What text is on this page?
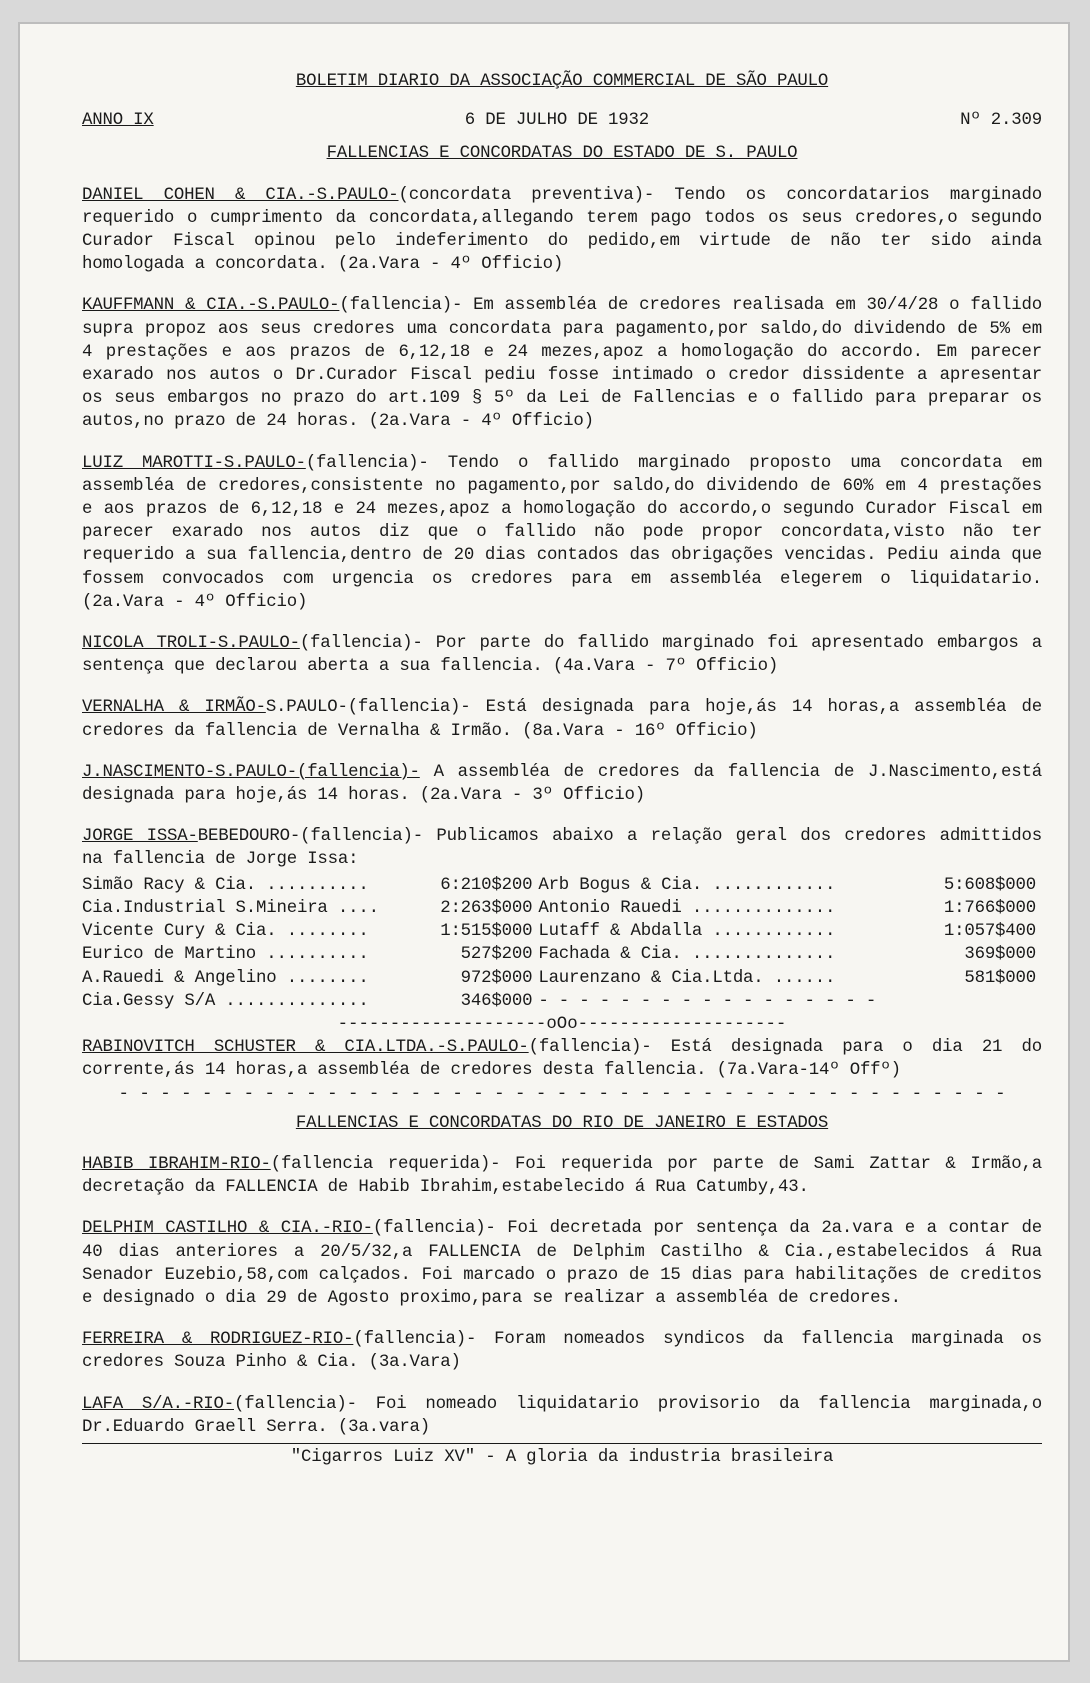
BOLETIM DIARIO DA ASSOCIAÇÃO COMMERCIAL DE SÃO PAULO
ANNO IX	6 DE JULHO DE 1932	Nº 2.309
FALLENCIAS E CONCORDATAS DO ESTADO DE S. PAULO
DANIEL COHEN & CIA.-S.PAULO-(concordata preventiva)- Tendo os concordatarios marginado requerido o cumprimento da concordata,allegando terem pago todos os seus credores,o segundo Curador Fiscal opinou pelo indeferimento do pedido,em virtude de não ter sido ainda homologada a concordata. (2a.Vara - 4º Officio)
KAUFFMANN & CIA.-S.PAULO-(fallencia)- Em assembléa de credores realisada em 30/4/28 o fallido supra propoz aos seus credores uma concordata para pagamento,por saldo,do dividendo de 5% em 4 prestações e aos prazos de 6,12,18 e 24 mezes,apoz a homologação do accordo. Em parecer exarado nos autos o Dr.Curador Fiscal pediu fosse intimado o credor dissidente a apresentar os seus embargos no prazo do art.109 § 5º da Lei de Fallencias e o fallido para preparar os autos,no prazo de 24 horas. (2a.Vara - 4º Officio)
LUIZ MAROTTI-S.PAULO-(fallencia)- Tendo o fallido marginado proposto uma concordata em assembléa de credores,consistente no pagamento,por saldo,do dividendo de 60% em 4 prestações e aos prazos de 6,12,18 e 24 mezes,apoz a homologação do accordo,o segundo Curador Fiscal em parecer exarado nos autos diz que o fallido não pode propor concordata,visto não ter requerido a sua fallencia,dentro de 20 dias contados das obrigações vencidas. Pediu ainda que fossem convocados com urgencia os credores para em assembléa elegerem o liquidatario. (2a.Vara - 4º Officio)
NICOLA TROLI-S.PAULO-(fallencia)- Por parte do fallido marginado foi apresentado embargos a sentença que declarou aberta a sua fallencia. (4a.Vara - 7º Officio)
VERNALHA & IRMÃO-S.PAULO-(fallencia)- Está designada para hoje,ás 14 horas,a assembléa de credores da fallencia de Vernalha & Irmão. (8a.Vara - 16º Officio)
J.NASCIMENTO-S.PAULO-(fallencia)- A assembléa de credores da fallencia de J.Nascimento,está designada para hoje,ás 14 horas. (2a.Vara - 3º Officio)
JORGE ISSA-BEBEDOURO-(fallencia)- Publicamos abaixo a relação geral dos credores admittidos na fallencia de Jorge Issa:
Simão Racy & Cia. ..........	6:210$200	Arb Bogus & Cia. ............	5:608$000
Cia.Industrial S.Mineira ....	2:263$000	Antonio Rauedi ..............	1:766$000
Vicente Cury & Cia. ........	1:515$000	Lutaff & Abdalla ............	1:057$400
Eurico de Martino ..........	527$200	Fachada & Cia. ..............	369$000
A.Rauedi & Angelino ........	972$000	Laurenzano & Cia.Ltda. ......	581$000
Cia.Gessy S/A ..............	346$000	- - - - - - - - - - - - - - - - -	
--------------------oOo--------------------
RABINOVITCH SCHUSTER & CIA.LTDA.-S.PAULO-(fallencia)- Está designada para o dia 21 do corrente,ás 14 horas,a assembléa de credores desta fallencia. (7a.Vara-14º Offº)
- - - - - - - - - - - - - - - - - - - - - - - - - - - - - - - - - - - - - - - - - - -
FALLENCIAS E CONCORDATAS DO RIO DE JANEIRO E ESTADOS
HABIB IBRAHIM-RIO-(fallencia requerida)- Foi requerida por parte de Sami Zattar & Irmão,a decretação da FALLENCIA de Habib Ibrahim,estabelecido á Rua Catumby,43.
DELPHIM CASTILHO & CIA.-RIO-(fallencia)- Foi decretada por sentença da 2a.vara e a contar de 40 dias anteriores a 20/5/32,a FALLENCIA de Delphim Castilho & Cia.,estabelecidos á Rua Senador Euzebio,58,com calçados. Foi marcado o prazo de 15 dias para habilitações de creditos e designado o dia 29 de Agosto proximo,para se realizar a assembléa de credores.
FERREIRA & RODRIGUEZ-RIO-(fallencia)- Foram nomeados syndicos da fallencia marginada os credores Souza Pinho & Cia. (3a.Vara)
LAFA S/A.-RIO-(fallencia)- Foi nomeado liquidatario provisorio da fallencia marginada,o Dr.Eduardo Graell Serra. (3a.vara)
"Cigarros Luiz XV" - A gloria da industria brasileira
